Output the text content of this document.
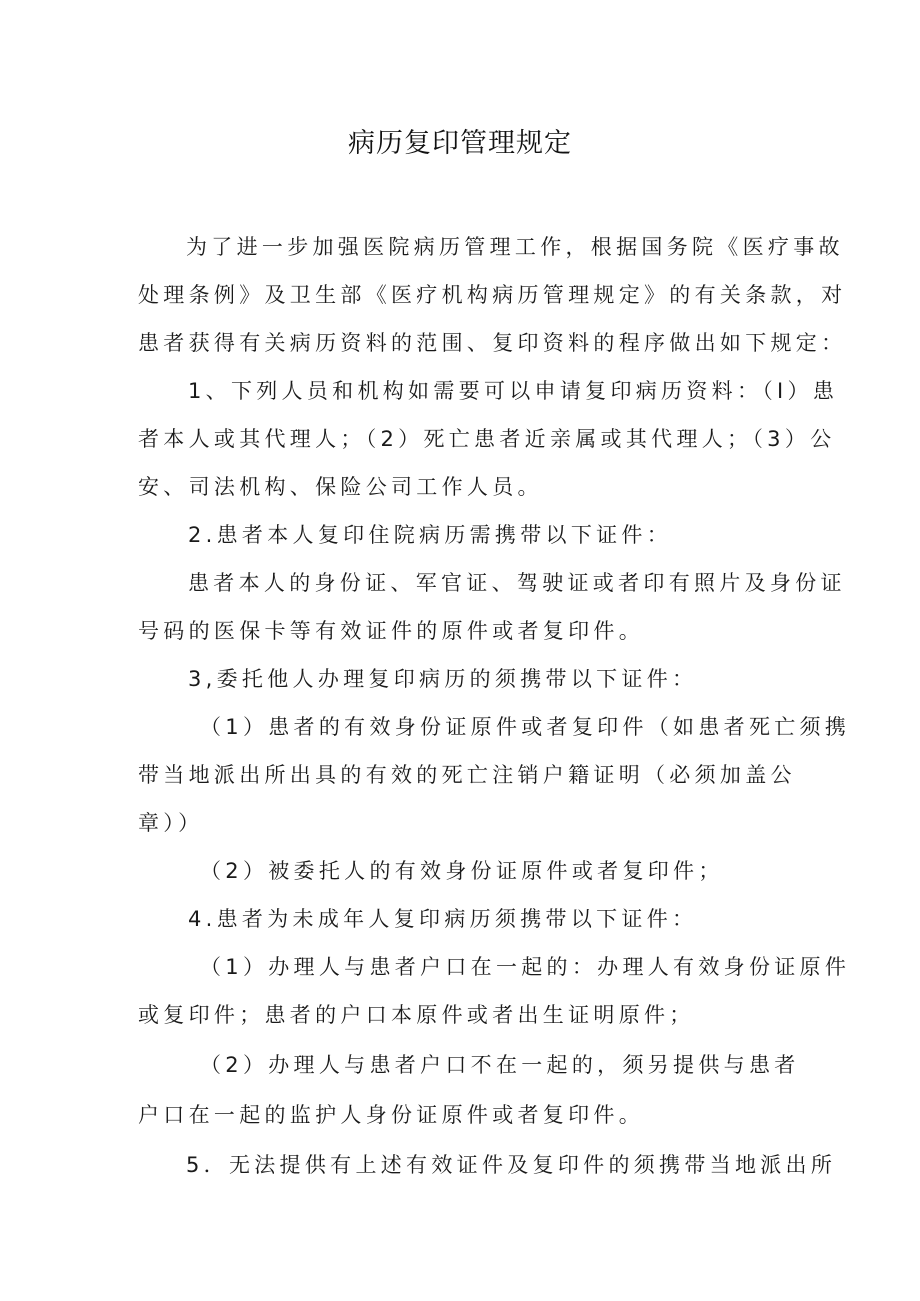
病历复印管理规定
为了进一步加强医院病历管理工作，根据国务院《医疗事故
处理条例》及卫生部《医疗机构病历管理规定》的有关条款，对
患者获得有关病历资料的范围、复印资料的程序做出如下规定：
1、下列人员和机构如需要可以申请复印病历资料：（I）患
者本人或其代理人；（2）死亡患者近亲属或其代理人；（3）公
安、司法机构、保险公司工作人员。
2.患者本人复印住院病历需携带以下证件：
患者本人的身份证、军官证、驾驶证或者印有照片及身份证
号码的医保卡等有效证件的原件或者复印件。
3,委托他人办理复印病历的须携带以下证件：
（1）患者的有效身份证原件或者复印件（如患者死亡须携
带当地派出所出具的有效的死亡注销户籍证明（必须加盖公
章））
（2）被委托人的有效身份证原件或者复印件；
4.患者为未成年人复印病历须携带以下证件：
（1）办理人与患者户口在一起的：办理人有效身份证原件
或复印件；患者的户口本原件或者出生证明原件；
（2）办理人与患者户口不在一起的，须另提供与患者
户口在一起的监护人身份证原件或者复印件。
5．无法提供有上述有效证件及复印件的须携带当地派出所
